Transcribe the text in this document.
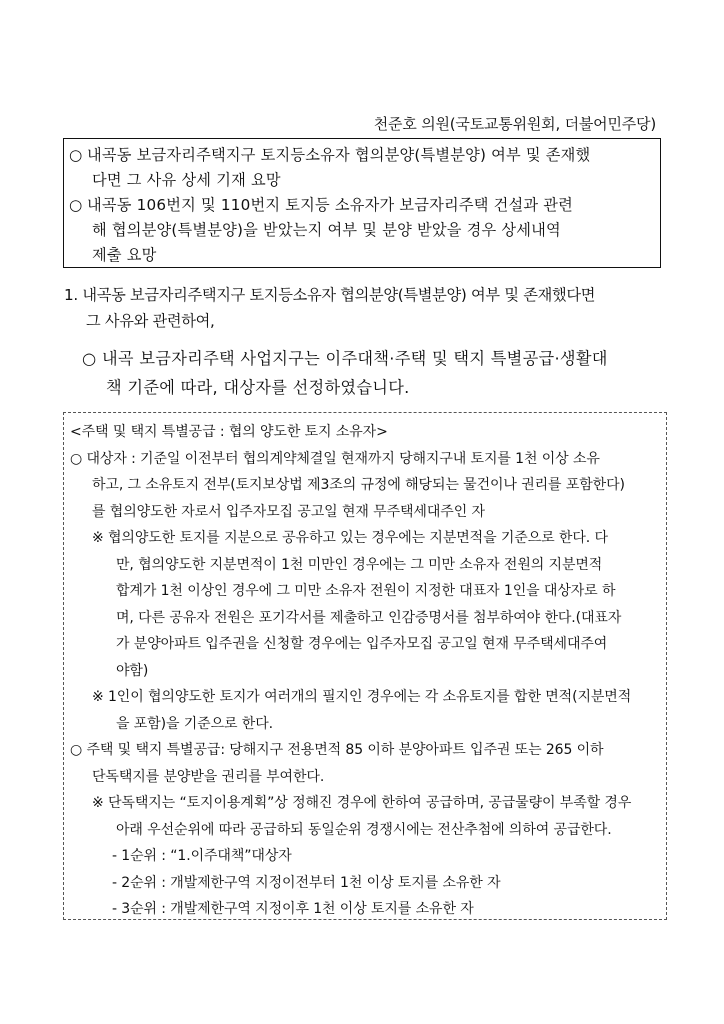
천준호 의원(국토교통위원회, 더불어민주당)
○ 내곡동 보금자리주택지구 토지등소유자 협의분양(특별분양) 여부 및 존재했
다면 그 사유 상세 기재 요망
○ 내곡동 106번지 및 110번지 토지등 소유자가 보금자리주택 건설과 관련
해 협의분양(특별분양)을 받았는지 여부 및 분양 받았을 경우 상세내역
제출 요망
1. 내곡동 보금자리주택지구 토지등소유자 협의분양(특별분양) 여부 및 존재했다면
그 사유와 관련하여,
○ 내곡 보금자리주택 사업지구는 이주대책·주택 및 택지 특별공급·생활대
책 기준에 따라, 대상자를 선정하였습니다.
<주택 및 택지 특별공급 : 협의 양도한 토지 소유자>
○ 대상자 : 기준일 이전부터 협의계약체결일 현재까지 당해지구내 토지를 1천 이상 소유
하고, 그 소유토지 전부(토지보상법 제3조의 규정에 해당되는 물건이나 권리를 포함한다)
를 협의양도한 자로서 입주자모집 공고일 현재 무주택세대주인 자
※ 협의양도한 토지를 지분으로 공유하고 있는 경우에는 지분면적을 기준으로 한다. 다
만, 협의양도한 지분면적이 1천 미만인 경우에는 그 미만 소유자 전원의 지분면적
합계가 1천 이상인 경우에 그 미만 소유자 전원이 지정한 대표자 1인을 대상자로 하
며, 다른 공유자 전원은 포기각서를 제출하고 인감증명서를 첨부하여야 한다.(대표자
가 분양아파트 입주권을 신청할 경우에는 입주자모집 공고일 현재 무주택세대주여
야함)
※ 1인이 협의양도한 토지가 여러개의 필지인 경우에는 각 소유토지를 합한 면적(지분면적
을 포함)을 기준으로 한다.
○ 주택 및 택지 특별공급: 당해지구 전용면적 85 이하 분양아파트 입주권 또는 265 이하
단독택지를 분양받을 권리를 부여한다.
※ 단독택지는 “토지이용계획”상 정해진 경우에 한하여 공급하며, 공급물량이 부족할 경우
아래 우선순위에 따라 공급하되 동일순위 경쟁시에는 전산추첨에 의하여 공급한다.
- 1순위 : “1.이주대책”대상자
- 2순위 : 개발제한구역 지정이전부터 1천 이상 토지를 소유한 자
- 3순위 : 개발제한구역 지정이후 1천 이상 토지를 소유한 자
